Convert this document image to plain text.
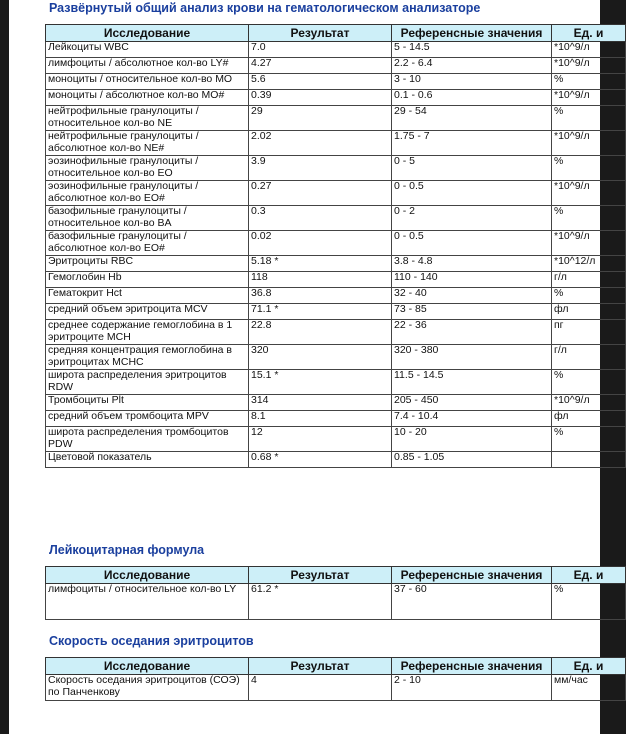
Развёрнутый общий анализ крови на гематологическом анализаторе
Исследование	Результат	Референсные значения	Ед. и
Лейкоциты WBC	7.0	5 - 14.5	*10^9/л
лимфоциты / абсолютное кол-во LY#	4.27	2.2 - 6.4	*10^9/л
моноциты / относительное кол-во MO	5.6	3 - 10	%
моноциты / абсолютное кол-во MO#	0.39	0.1 - 0.6	*10^9/л
нейтрофильные гранулоциты / относительное кол-во NE	29	29 - 54	%
нейтрофильные гранулоциты / абсолютное кол-во NE#	2.02	1.75 - 7	*10^9/л
эозинофильные гранулоциты / относительное кол-во EO	3.9	0 - 5	%
эозинофильные гранулоциты / абсолютное кол-во EO#	0.27	0 - 0.5	*10^9/л
базофильные гранулоциты / относительное кол-во BA	0.3	0 - 2	%
базофильные гранулоциты / абсолютное кол-во EO#	0.02	0 - 0.5	*10^9/л
Эритроциты RBC	5.18 *	3.8 - 4.8	*10^12/л
Гемоглобин Hb	118	110 - 140	г/л
Гематокрит Hct	36.8	32 - 40	%
средний объем эритроцита MCV	71.1 *	73 - 85	фл
среднее содержание гемоглобина в 1 эритроците MCH	22.8	22 - 36	пг
средняя концентрация гемоглобина в эритроцитах MCHC	320	320 - 380	г/л
широта распределения эритроцитов RDW	15.1 *	11.5 - 14.5	%
Тромбоциты Plt	314	205 - 450	*10^9/л
средний объем тромбоцита MPV	8.1	7.4 - 10.4	фл
широта распределения тромбоцитов PDW	12	10 - 20	%
Цветовой показатель	0.68 *	0.85 - 1.05	
Лейкоцитарная формула
Исследование	Результат	Референсные значения	Ед. и
лимфоциты / относительное кол-во LY	61.2 *	37 - 60	%
Скорость оседания эритроцитов
Исследование	Результат	Референсные значения	Ед. и
Скорость оседания эритроцитов (СОЭ) по Панченкову	4	2 - 10	мм/час
